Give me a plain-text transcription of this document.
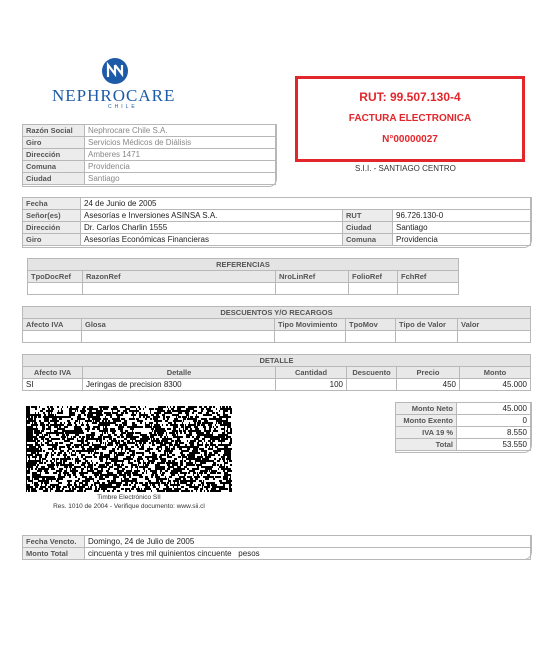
NEPHROCARE
CHILE
Razón Social	Nephrocare Chile S.A.
Giro	Servicios Médicos de Diálisis
Dirección	Amberes 1471
Comuna	Providencia
Ciudad	Santiago
RUT: 99.507.130-4
FACTURA ELECTRONICA
N°00000027
S.I.I. - SANTIAGO CENTRO
Fecha	24 de Junio de 2005		
Señor(es)	Asesorías e Inversiones ASINSA S.A.	RUT	96.726.130-0
Dirección	Dr. Carlos Charlin 1555	Ciudad	Santiago
Giro	Asesorías Económicas Financieras	Comuna	Providencia
REFERENCIAS				
TpoDocRef	RazonRef	NroLinRef	FolioRef	FchRef

DESCUENTOS Y/O RECARGOS					
Afecto IVA	Glosa	Tipo Movimiento	TpoMov	Tipo de Valor	Valor

DETALLE					
Afecto IVA	Detalle	Cantidad	Descuento	Precio	Monto
SI	Jeringas de precision 8300	100		450	45.000
Timbre Electrónico SII
Res. 1010 de 2004 - Verifique documento: www.sii.cl
Monto Neto	45.000
Monto Exento	0
IVA 19 %	8.550
Total	53.550
Fecha Vencto.	Domingo, 24 de Julio de 2005
Monto Total	cincuenta y tres mil quinientos cincuente   pesos
